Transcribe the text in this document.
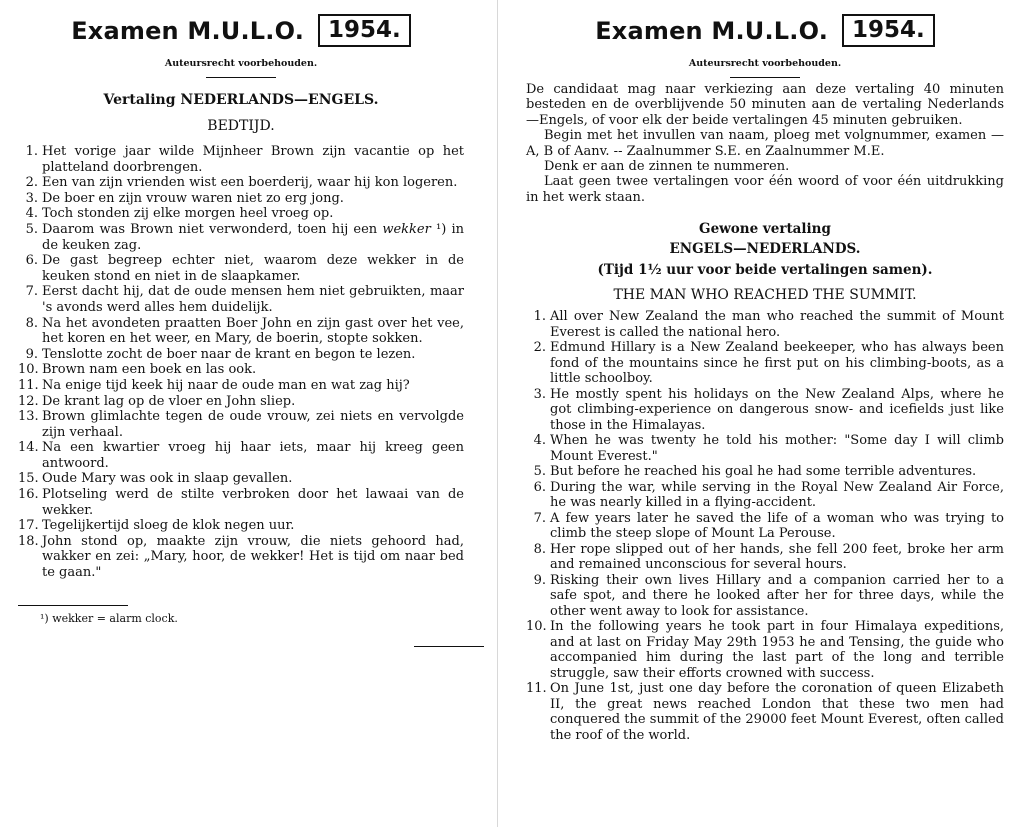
Examen M.U.L.O. 1954.
Auteursrecht voorbehouden.
Vertaling NEDERLANDS—ENGELS.
BEDTIJD.
1. Het vorige jaar wilde Mijnheer Brown zijn vacantie op het platteland doorbrengen.
2. Een van zijn vrienden wist een boerderij, waar hij kon logeren.
3. De boer en zijn vrouw waren niet zo erg jong.
4. Toch stonden zij elke morgen heel vroeg op.
5. Daarom was Brown niet verwonderd, toen hij een wekker ¹) in de keuken zag.
6. De gast begreep echter niet, waarom deze wekker in de keuken stond en niet in de slaapkamer.
7. Eerst dacht hij, dat de oude mensen hem niet gebruikten, maar 's avonds werd alles hem duidelijk.
8. Na het avondeten praatten Boer John en zijn gast over het vee, het koren en het weer, en Mary, de boerin, stopte sokken.
9. Tenslotte zocht de boer naar de krant en begon te lezen.
10. Brown nam een boek en las ook.
11. Na enige tijd keek hij naar de oude man en wat zag hij?
12. De krant lag op de vloer en John sliep.
13. Brown glimlachte tegen de oude vrouw, zei niets en vervolgde zijn verhaal.
14. Na een kwartier vroeg hij haar iets, maar hij kreeg geen antwoord.
15. Oude Mary was ook in slaap gevallen.
16. Plotseling werd de stilte verbroken door het lawaai van de wekker.
17. Tegelijkertijd sloeg de klok negen uur.
18. John stond op, maakte zijn vrouw, die niets gehoord had, wakker en zei: „Mary, hoor, de wekker! Het is tijd om naar bed te gaan."
¹) wekker = alarm clock.
Examen M.U.L.O. 1954.
Auteursrecht voorbehouden.

De candidaat mag naar verkiezing aan deze vertaling 40 minuten besteden en de overblijvende 50 minuten aan de vertaling Nederlands—Engels, of voor elk der beide vertalingen 45 minuten gebruiken.

Begin met het invullen van naam, ploeg met volgnummer, examen — A, B of Aanv. -- Zaalnummer S.E. en Zaalnummer M.E.

Denk er aan de zinnen te nummeren.

Laat geen twee vertalingen voor één woord of voor één uitdrukking in het werk staan.

Gewone vertaling
ENGELS—NEDERLANDS.
(Tijd 1½ uur voor beide vertalingen samen).
THE MAN WHO REACHED THE SUMMIT.
1. All over New Zealand the man who reached the summit of Mount Everest is called the national hero.
2. Edmund Hillary is a New Zealand beekeeper, who has always been fond of the mountains since he first put on his climbing-boots, as a little schoolboy.
3. He mostly spent his holidays on the New Zealand Alps, where he got climbing-experience on dangerous snow- and icefields just like those in the Himalayas.
4. When he was twenty he told his mother: "Some day I will climb Mount Everest."
5. But before he reached his goal he had some terrible adventures.
6. During the war, while serving in the Royal New Zealand Air Force, he was nearly killed in a flying-accident.
7. A few years later he saved the life of a woman who was trying to climb the steep slope of Mount La Perouse.
8. Her rope slipped out of her hands, she fell 200 feet, broke her arm and remained unconscious for several hours.
9. Risking their own lives Hillary and a companion carried her to a safe spot, and there he looked after her for three days, while the other went away to look for assistance.
10. In the following years he took part in four Himalaya expeditions, and at last on Friday May 29th 1953 he and Tensing, the guide who accompanied him during the last part of the long and terrible struggle, saw their efforts crowned with success.
11. On June 1st, just one day before the coronation of queen Elizabeth II, the great news reached London that these two men had conquered the summit of the 29000 feet Mount Everest, often called the roof of the world.
